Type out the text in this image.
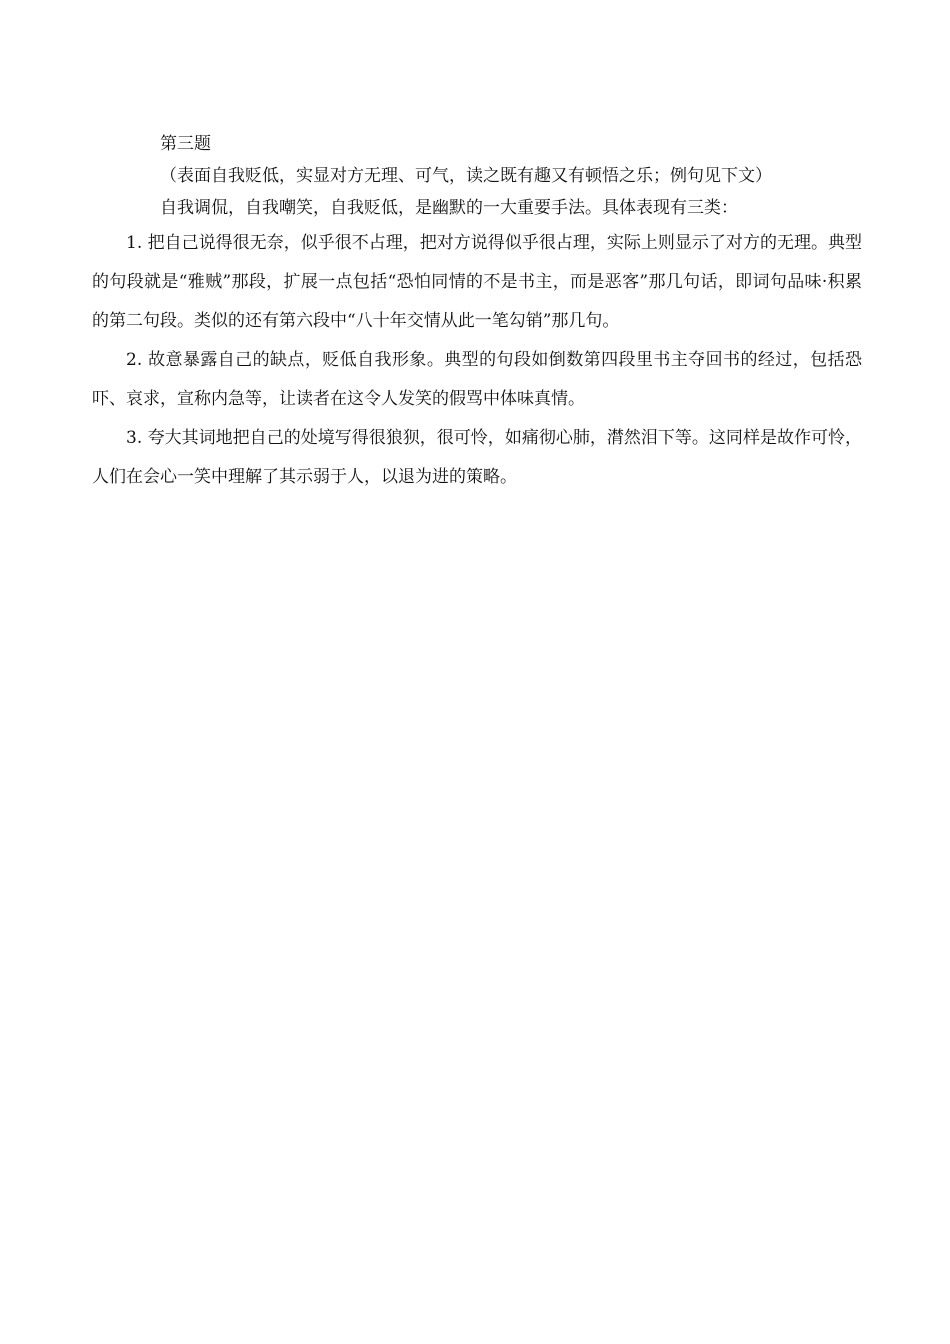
第三题

（表面自我贬低，实显对方无理、可气，读之既有趣又有顿悟之乐；例句见下文）

自我调侃，自我嘲笑，自我贬低，是幽默的一大重要手法。具体表现有三类：

1. 把自己说得很无奈，似乎很不占理，把对方说得似乎很占理，实际上则显示了对方的无理。典型的句段就是“雅贼”那段，扩展一点包括“恐怕同情的不是书主，而是恶客”那几句话，即词句品味·积累的第二句段。类似的还有第六段中“八十年交情从此一笔勾销”那几句。

2. 故意暴露自己的缺点，贬低自我形象。典型的句段如倒数第四段里书主夺回书的经过，包括恐吓、哀求，宣称内急等，让读者在这令人发笑的假骂中体味真情。

3. 夸大其词地把自己的处境写得很狼狈，很可怜，如痛彻心肺，潸然泪下等。这同样是故作可怜，人们在会心一笑中理解了其示弱于人，以退为进的策略。
